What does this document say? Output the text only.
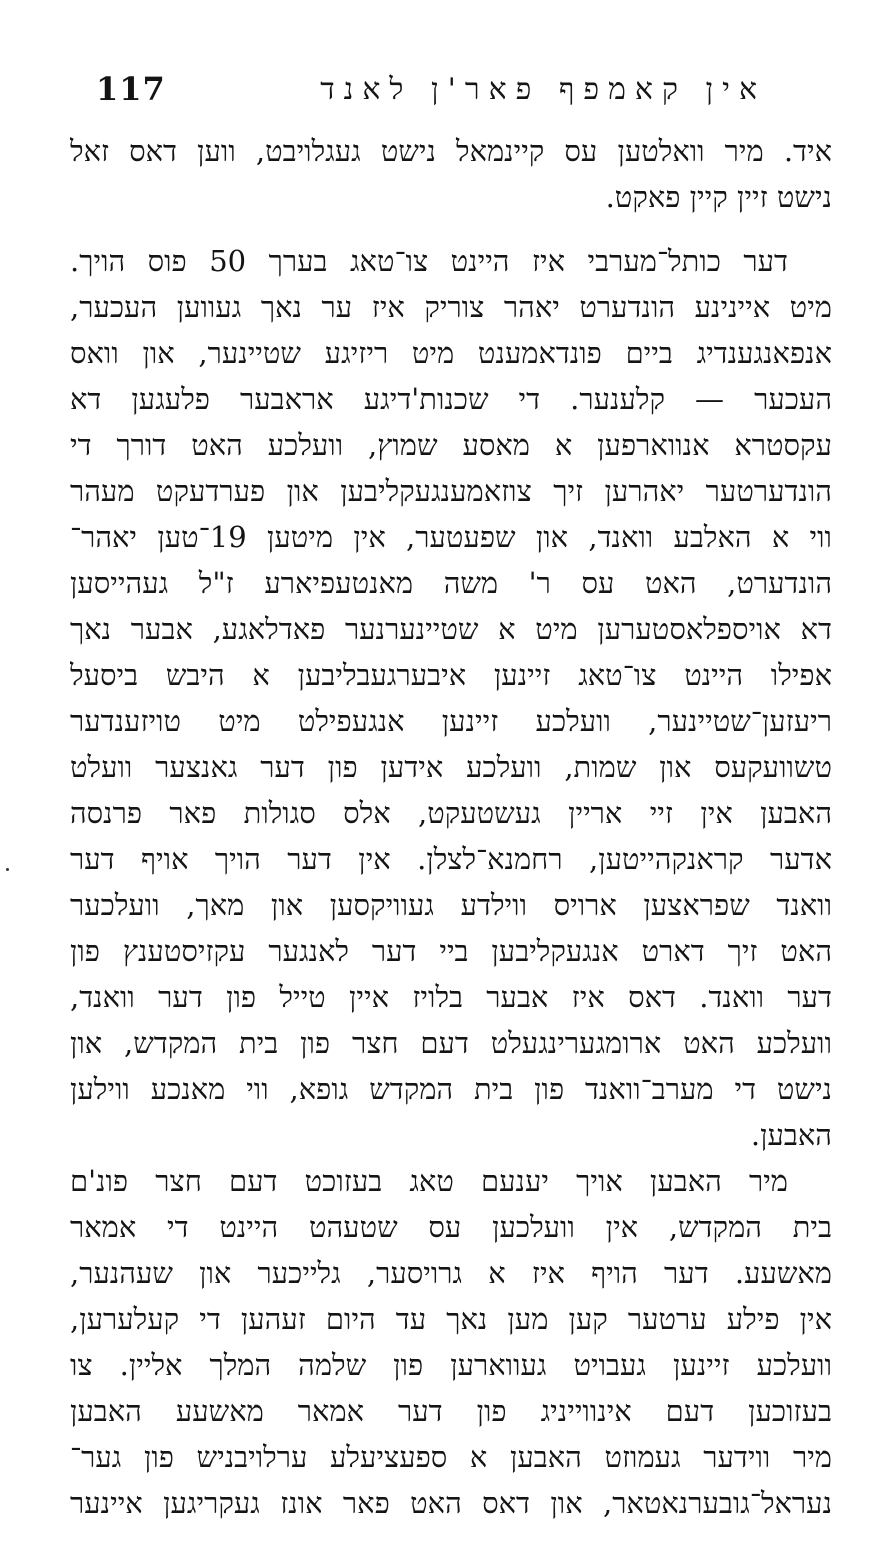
117	אין קאמפף פאר'ן לאנד
איד. מיר וואלטען עס קיינמאל נישט געגלויבט, ווען דאס זאל
נישט זיין קיין פאקט.
דער כותל־מערבי איז היינט צו־טאג בערך 50 פוס הויך.
מיט איינינע הונדערט יאהר צוריק איז ער נאך געווען העכער,
אנפאנגענדיג ביים פונדאמענט מיט ריזיגע שטיינער, און וואס
העכער — קלענער. די שכנות'דיגע אראבער פלעגען דא
עקסטרא אנווארפען א מאסע שמוץ, וועלכע האט דורך די
הונדערטער יאהרען זיך צוזאמענגעקליבען און פערדעקט מעהר
ווי א האלבע וואנד, און שפעטער, אין מיטען 19־טען יאהר־
הונדערט, האט עס ר' משה מאנטעפיארע ז"ל געהייסען
דא אויספלאסטערען מיט א שטיינערנער פאדלאגע, אבער נאך
אפילו היינט צו־טאג זיינען איבערגעבליבען א היבש ביסעל
ריעזען־שטיינער, וועלכע זיינען אנגעפילט מיט טויזענדער
טשוועקעס און שמות, וועלכע אידען פון דער גאנצער וועלט
האבען אין זיי אריין געשטעקט, אלס סגולות פאר פרנסה
אדער קראנקהייטען, רחמנא־לצלן. אין דער הויך אויף דער
וואנד שפראצען ארויס ווילדע געוויקסען און מאך, וועלכער
האט זיך דארט אנגעקליבען ביי דער לאנגער עקזיסטענץ פון
דער וואנד. דאס איז אבער בלויז איין טייל פון דער וואנד,
וועלכע האט ארומגערינגעלט דעם חצר פון בית המקדש, און
נישט די מערב־וואנד פון בית המקדש גופא, ווי מאנכע ווילען
האבען.
מיר האבען אויך יענעם טאג בעזוכט דעם חצר פונ'ם
בית המקדש, אין וועלכען עס שטעהט היינט די אמאר
מאשעע. דער הויף איז א גרויסער, גלייכער און שעהנער,
אין פילע ערטער קען מען נאך עד היום זעהען די קעלערען,
וועלכע זיינען געבויט געווארען פון שלמה המלך אליין. צו
בעזוכען דעם אינווייניג פון דער אמאר מאשעע האבען
מיר ווידער געמוזט האבען א ספעציעלע ערלויבניש פון גער־
נעראל־גובערנאטאר, און דאס האט פאר אונז געקריגען איינער
